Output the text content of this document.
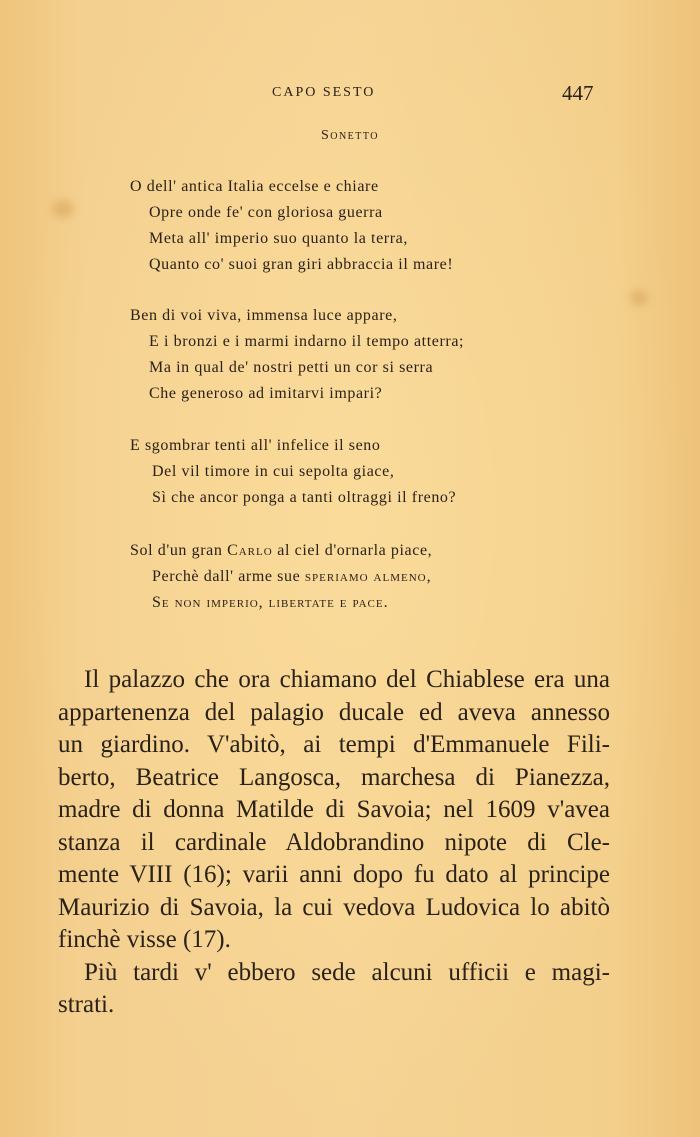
CAPO SESTO	447
Sonetto
O dell' antica Italia eccelse e chiare
Opre onde fe' con gloriosa guerra
Meta all' imperio suo quanto la terra,
Quanto co' suoi gran giri abbraccia il mare!
Ben di voi viva, immensa luce appare,
E i bronzi e i marmi indarno il tempo atterra;
Ma in qual de' nostri petti un cor si serra
Che generoso ad imitarvi impari?
E sgombrar tenti all' infelice il seno
Del vil timore in cui sepolta giace,
Sì che ancor ponga a tanti oltraggi il freno?
Sol d'un gran Carlo al ciel d'ornarla piace,
Perchè dall' arme sue speriamo almeno,
Se non imperio, libertate e pace.
Il palazzo che ora chiamano del Chiablese era una
appartenenza del palagio ducale ed aveva annesso
un giardino. V'abitò, ai tempi d'Emmanuele Fili-
berto, Beatrice Langosca, marchesa di Pianezza,
madre di donna Matilde di Savoia; nel 1609 v'avea
stanza il cardinale Aldobrandino nipote di Cle-
mente VIII (16); varii anni dopo fu dato al principe
Maurizio di Savoia, la cui vedova Ludovica lo abitò
finchè visse (17).
Più tardi v' ebbero sede alcuni ufficii e magi-
strati.
